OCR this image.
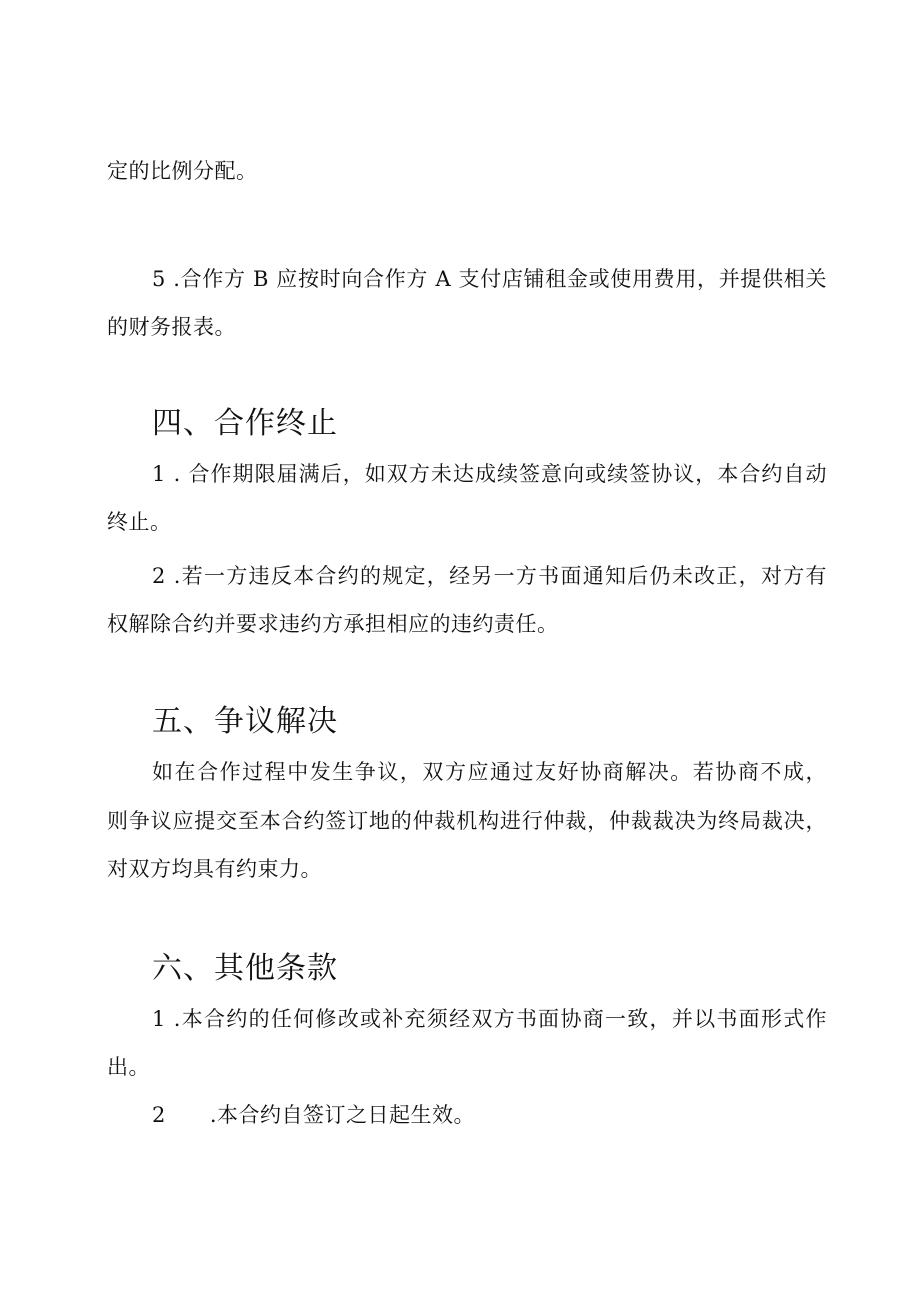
定的比例分配。
5 .合作方 B 应按时向合作方 A 支付店铺租金或使用费用，并提供相关
的财务报表。
四、合作终止
1 . 合作期限届满后，如双方未达成续签意向或续签协议，本合约自动
终止。
2 .若一方违反本合约的规定，经另一方书面通知后仍未改正，对方有
权解除合约并要求违约方承担相应的违约责任。
五、争议解决
如在合作过程中发生争议，双方应通过友好协商解决。若协商不成，
则争议应提交至本合约签订地的仲裁机构进行仲裁，仲裁裁决为终局裁决，
对双方均具有约束力。
六、其他条款
1 .本合约的任何修改或补充须经双方书面协商一致，并以书面形式作
出。
2 .本合约自签订之日起生效。
